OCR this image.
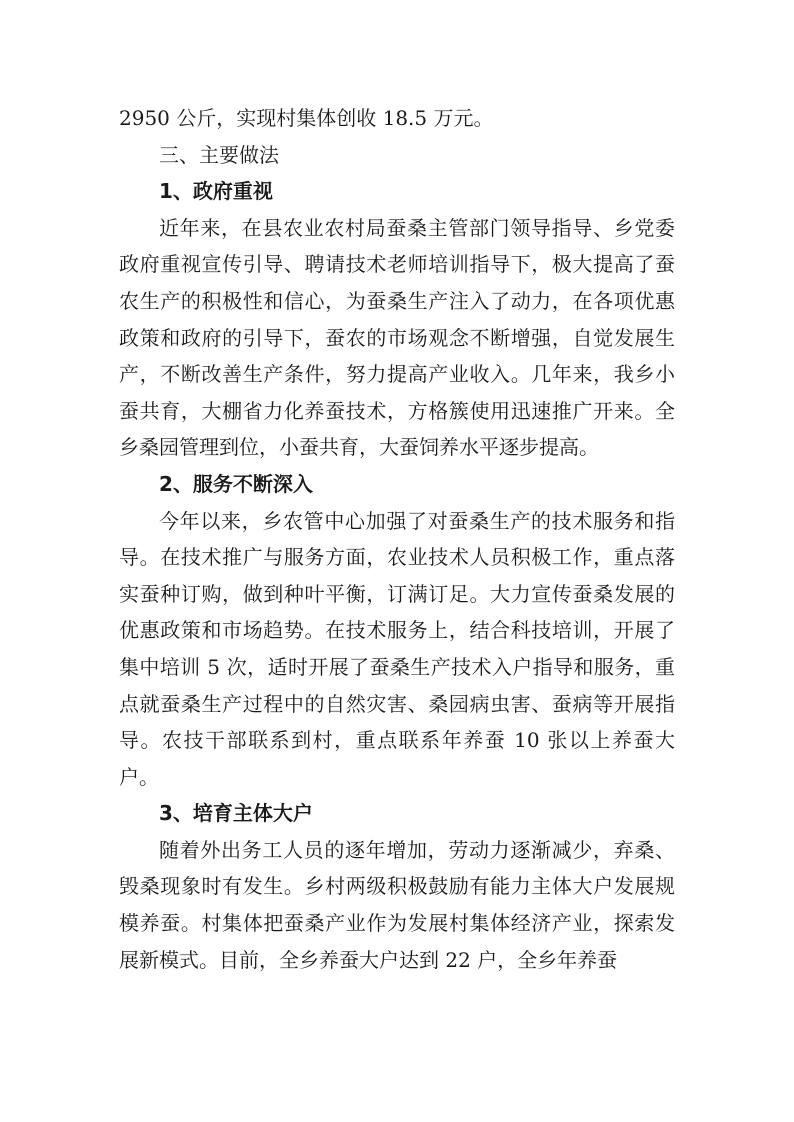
2950 公斤，实现村集体创收 18.5 万元。

三、主要做法
1、政府重视

近年来，在县农业农村局蚕桑主管部门领导指导、乡党委政府重视宣传引导、聘请技术老师培训指导下，极大提高了蚕农生产的积极性和信心，为蚕桑生产注入了动力，在各项优惠政策和政府的引导下，蚕农的市场观念不断增强，自觉发展生产，不断改善生产条件，努力提高产业收入。几年来，我乡小蚕共育，大棚省力化养蚕技术，方格簇使用迅速推广开来。全乡桑园管理到位，小蚕共育，大蚕饲养水平逐步提高。

2、服务不断深入

今年以来，乡农管中心加强了对蚕桑生产的技术服务和指导。在技术推广与服务方面，农业技术人员积极工作，重点落实蚕种订购，做到种叶平衡，订满订足。大力宣传蚕桑发展的优惠政策和市场趋势。在技术服务上，结合科技培训，开展了集中培训 5 次，适时开展了蚕桑生产技术入户指导和服务，重点就蚕桑生产过程中的自然灾害、桑园病虫害、蚕病等开展指导。农技干部联系到村，重点联系年养蚕 10 张以上养蚕大户。

3、培育主体大户

随着外出务工人员的逐年增加，劳动力逐渐减少，弃桑、毁桑现象时有发生。乡村两级积极鼓励有能力主体大户发展规模养蚕。村集体把蚕桑产业作为发展村集体经济产业，探索发展新模式。目前，全乡养蚕大户达到 22 户，全乡年养蚕
